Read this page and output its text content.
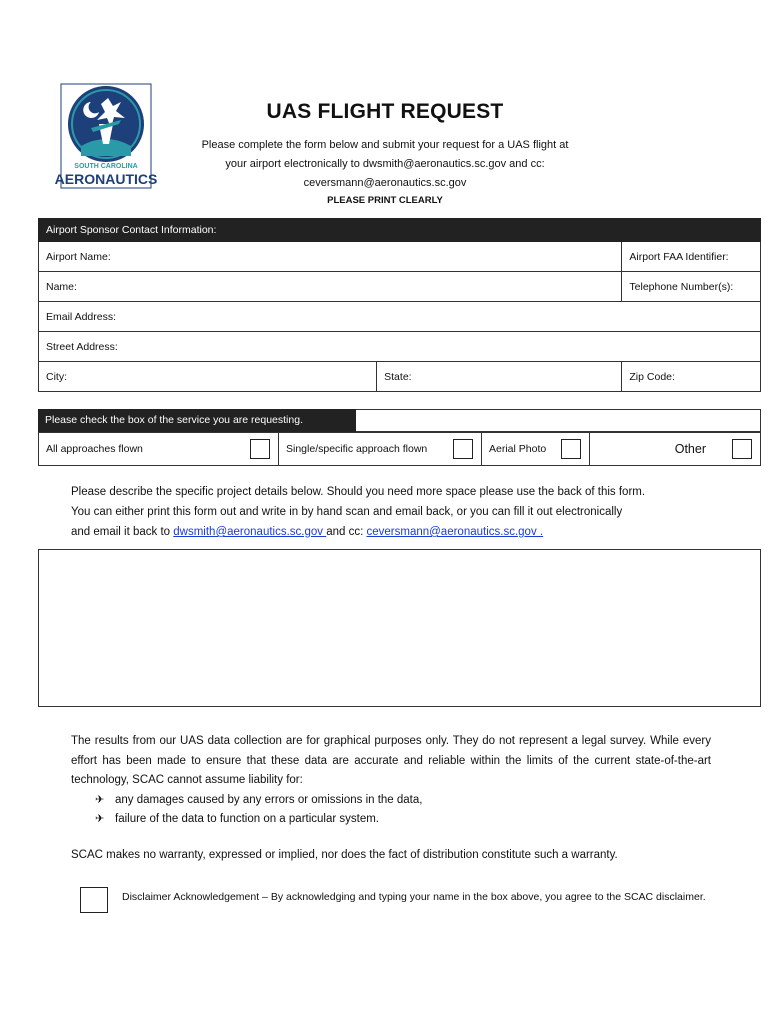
SOUTH CAROLINA
AERONAUTICS
UAS FLIGHT REQUEST
Please complete the form below and submit your request for a UAS flight at
your airport electronically to dwsmith@aeronautics.sc.gov and cc:
ceversmann@aeronautics.sc.gov
PLEASE PRINT CLEARLY
Airport Sponsor Contact Information:		
Airport Name:		Airport FAA Identifier:
Name:		Telephone Number(s):
Email Address:		
Street Address:		
City:	State:	Zip Code:
Please check the box of the service you are requesting.
All approaches flown	Single/specific approach flown	Aerial Photo	Other
Please describe the specific project details below. Should you need more space please use the back of this form.
You can either print this form out and write in by hand scan and email back, or you can fill it out electronically
and email it back to dwsmith@aeronautics.sc.gov and cc: ceversmann@aeronautics.sc.gov .
The results from our UAS data collection are for graphical purposes only. They do not represent a legal survey. While every effort has been made to ensure that these data are accurate and reliable within the limits of the current state-of-the-art technology, SCAC cannot assume liability for:
✈ any damages caused by any errors or omissions in the data,
✈ failure of the data to function on a particular system.
SCAC makes no warranty, expressed or implied, nor does the fact of distribution constitute such a warranty.
Disclaimer Acknowledgement – By acknowledging and typing your name in the box above, you agree to the SCAC disclaimer.
